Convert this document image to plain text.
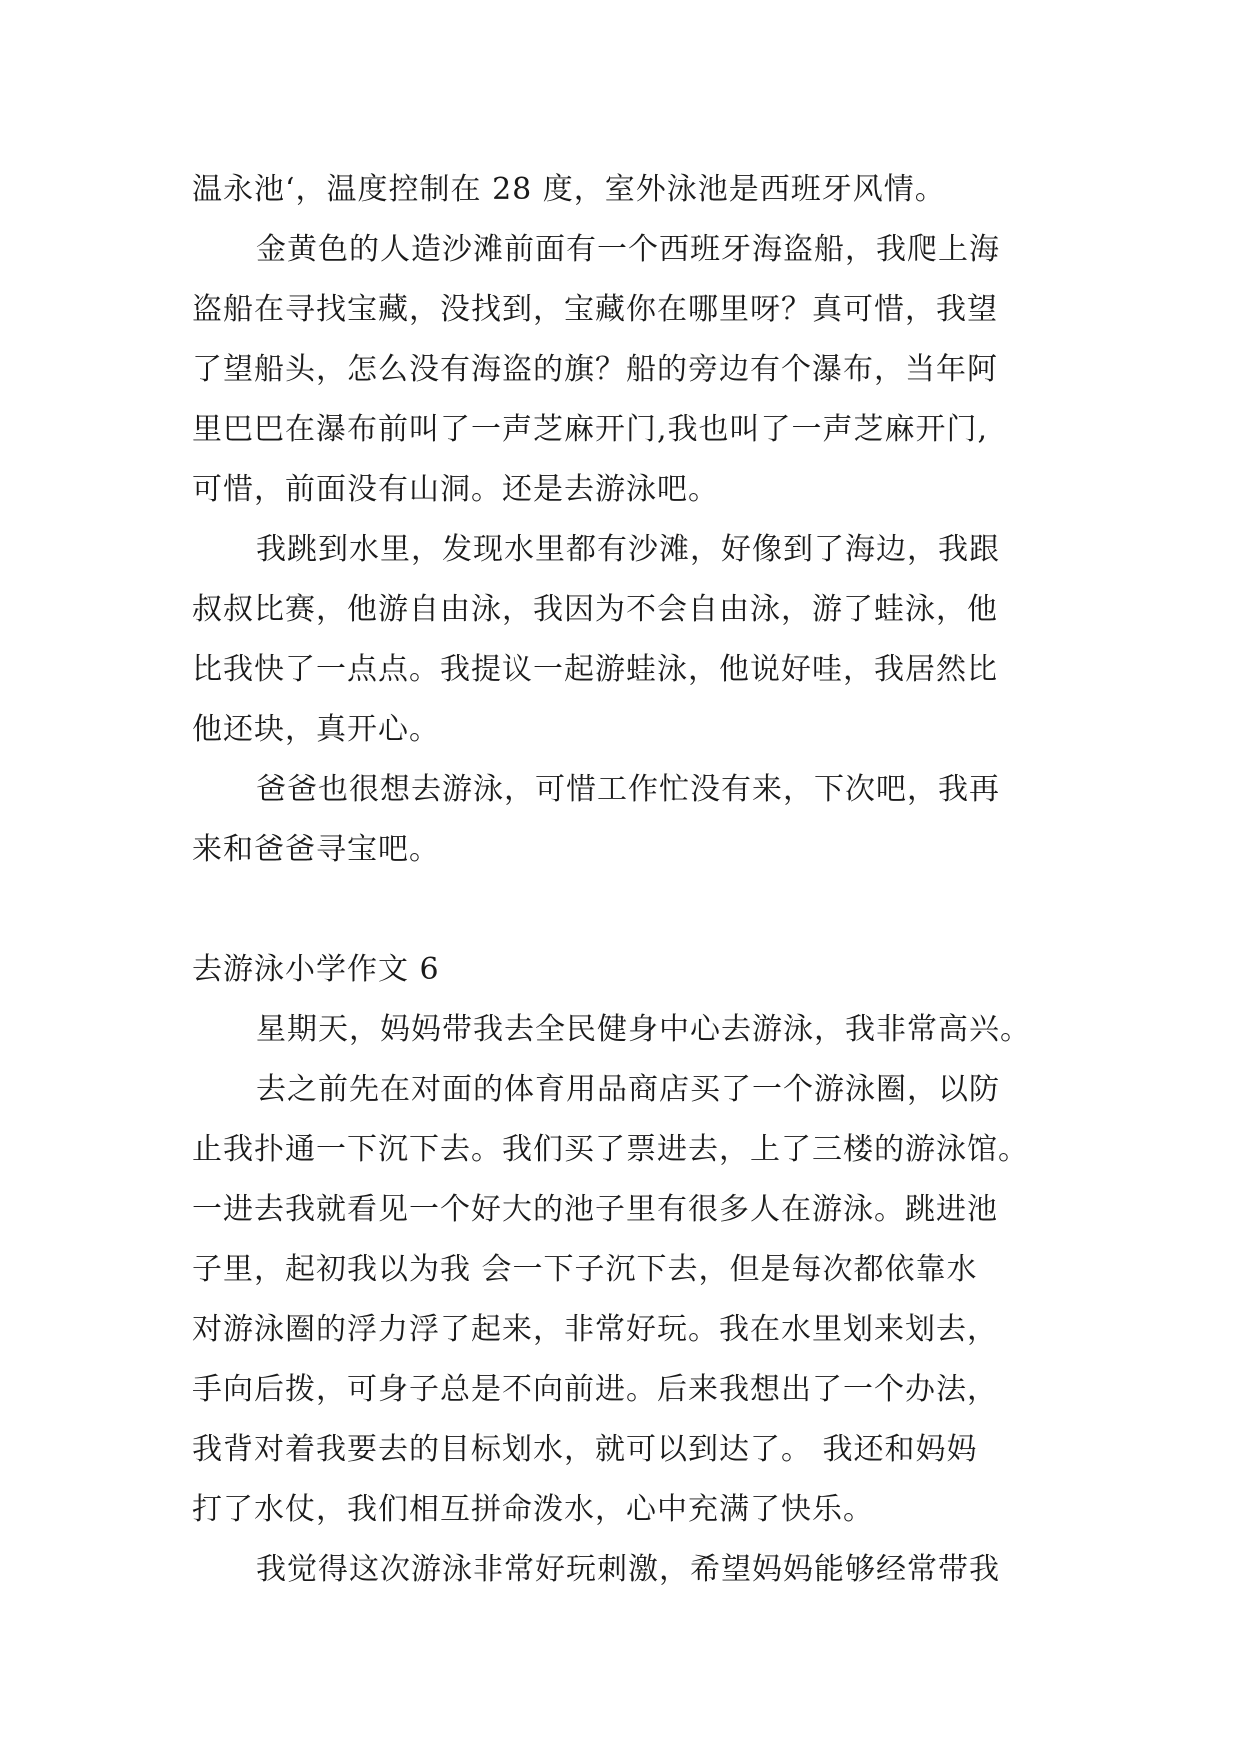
温永池‘，温度控制在 28 度，室外泳池是西班牙风情。
金黄色的人造沙滩前面有一个西班牙海盗船，我爬上海
盗船在寻找宝藏，没找到，宝藏你在哪里呀？真可惜，我望
了望船头，怎么没有海盗的旗？船的旁边有个瀑布，当年阿
里巴巴在瀑布前叫了一声芝麻开门,我也叫了一声芝麻开门,
可惜，前面没有山洞。还是去游泳吧。
我跳到水里，发现水里都有沙滩，好像到了海边，我跟
叔叔比赛，他游自由泳，我因为不会自由泳，游了蛙泳，他
比我快了一点点。我提议一起游蛙泳，他说好哇，我居然比
他还块，真开心。
爸爸也很想去游泳，可惜工作忙没有来，下次吧，我再
来和爸爸寻宝吧。
去游泳小学作文 6
星期天，妈妈带我去全民健身中心去游泳，我非常高兴。
去之前先在对面的体育用品商店买了一个游泳圈，以防
止我扑通一下沉下去。我们买了票进去，上了三楼的游泳馆。
一进去我就看见一个好大的池子里有很多人在游泳。跳进池
子里，起初我以为我 会一下子沉下去，但是每次都依靠水
对游泳圈的浮力浮了起来，非常好玩。我在水里划来划去，
手向后拨，可身子总是不向前进。后来我想出了一个办法，
我背对着我要去的目标划水，就可以到达了。 我还和妈妈
打了水仗，我们相互拼命泼水，心中充满了快乐。
我觉得这次游泳非常好玩刺激，希望妈妈能够经常带我
